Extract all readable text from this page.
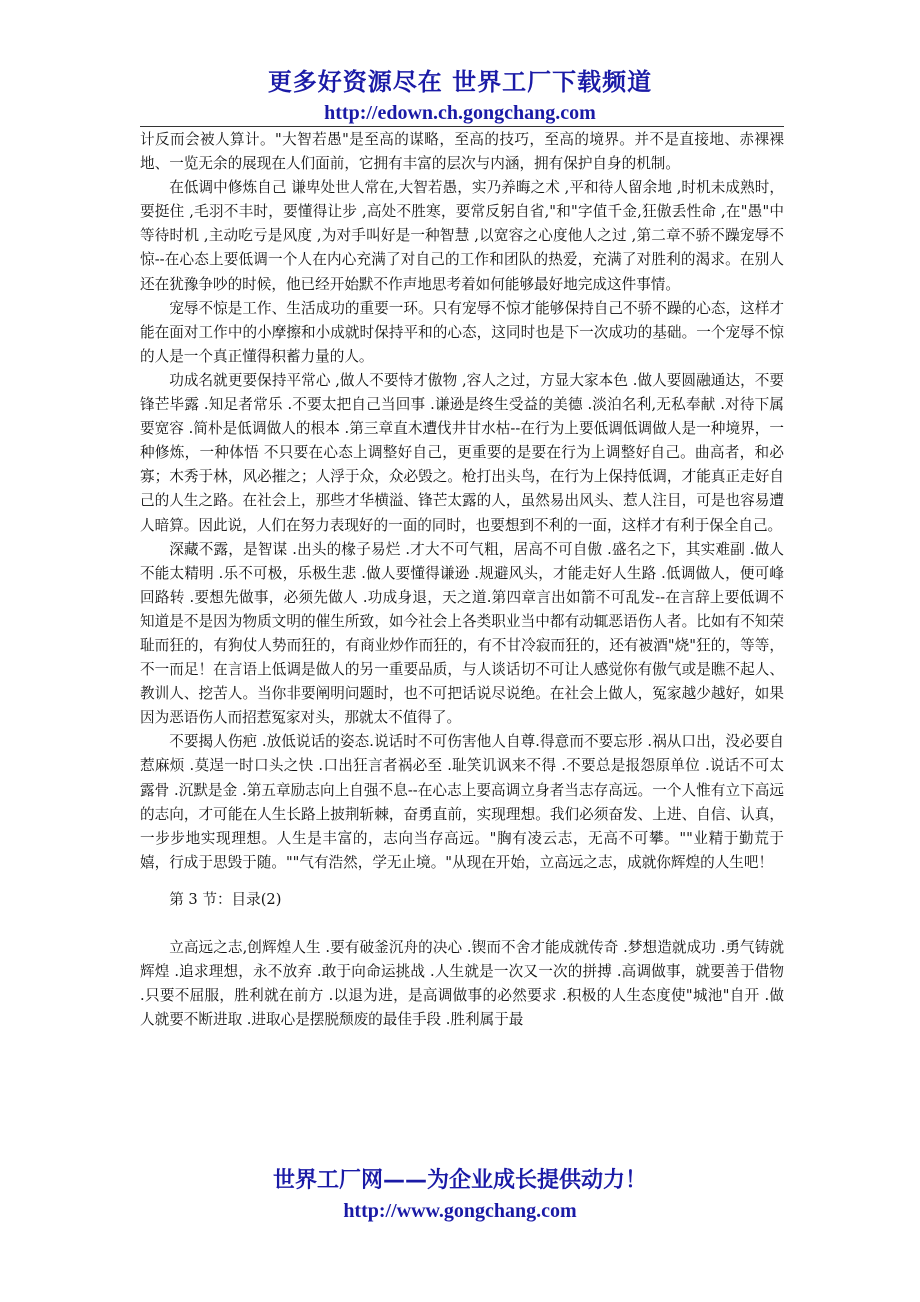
更多好资源尽在 世界工厂下载频道
http://edown.ch.gongchang.com

计反而会被人算计。"大智若愚"是至高的谋略，至高的技巧，至高的境界。并不是直接地、赤裸裸地、一览无余的展现在人们面前，它拥有丰富的层次与内涵，拥有保护自身的机制。

在低调中修炼自己 谦卑处世人常在,大智若愚，实乃养晦之术 ,平和待人留余地 ,时机未成熟时，要挺住 ,毛羽不丰时，要懂得让步 ,高处不胜寒，要常反躬自省,"和"字值千金,狂傲丢性命 ,在"愚"中等待时机 ,主动吃亏是风度 ,为对手叫好是一种智慧 ,以宽容之心度他人之过 ,第二章不骄不躁宠辱不惊--在心态上要低调一个人在内心充满了对自己的工作和团队的热爱，充满了对胜利的渴求。在别人还在犹豫争吵的时候，他已经开始默不作声地思考着如何能够最好地完成这件事情。

宠辱不惊是工作、生活成功的重要一环。只有宠辱不惊才能够保持自己不骄不躁的心态，这样才能在面对工作中的小摩擦和小成就时保持平和的心态，这同时也是下一次成功的基础。一个宠辱不惊的人是一个真正懂得积蓄力量的人。

功成名就更要保持平常心 ,做人不要恃才傲物 ,容人之过，方显大家本色 .做人要圆融通达，不要锋芒毕露 .知足者常乐 .不要太把自己当回事 .谦逊是终生受益的美德 .淡泊名利,无私奉献 .对待下属要宽容 .简朴是低调做人的根本 .第三章直木遭伐井甘水枯--在行为上要低调低调做人是一种境界，一种修炼，一种体悟 不只要在心态上调整好自己，更重要的是要在行为上调整好自己。曲高者，和必寡；木秀于林，风必摧之；人浮于众，众必毁之。枪打出头鸟，在行为上保持低调，才能真正走好自己的人生之路。在社会上，那些才华横溢、锋芒太露的人，虽然易出风头、惹人注目，可是也容易遭人暗算。因此说，人们在努力表现好的一面的同时，也要想到不利的一面，这样才有利于保全自己。

深藏不露，是智谋 .出头的椽子易烂 .才大不可气粗，居高不可自傲 .盛名之下，其实难副 .做人不能太精明 .乐不可极，乐极生悲 .做人要懂得谦逊 .规避风头，才能走好人生路 .低调做人，便可峰回路转 .要想先做事，必须先做人 .功成身退，天之道.第四章言出如箭不可乱发--在言辞上要低调不知道是不是因为物质文明的催生所致，如今社会上各类职业当中都有动辄恶语伤人者。比如有不知荣耻而狂的，有狗仗人势而狂的，有商业炒作而狂的，有不甘冷寂而狂的，还有被酒"烧"狂的，等等，不一而足！在言语上低调是做人的另一重要品质，与人谈话切不可让人感觉你有傲气或是瞧不起人、教训人、挖苦人。当你非要阐明问题时，也不可把话说尽说绝。在社会上做人，冤家越少越好，如果因为恶语伤人而招惹冤家对头，那就太不值得了。

不要揭人伤疤 .放低说话的姿态.说话时不可伤害他人自尊.得意而不要忘形 .祸从口出，没必要自惹麻烦 .莫逞一时口头之快 .口出狂言者祸必至 .耻笑讥讽来不得 .不要总是报怨原单位 .说话不可太露骨 .沉默是金 .第五章励志向上自强不息--在心志上要高调立身者当志存高远。一个人惟有立下高远的志向，才可能在人生长路上披荆斩棘，奋勇直前，实现理想。我们必须奋发、上进、自信、认真，一步步地实现理想。人生是丰富的，志向当存高远。"胸有凌云志，无高不可攀。""业精于勤荒于嬉，行成于思毁于随。""气有浩然，学无止境。"从现在开始，立高远之志，成就你辉煌的人生吧！

第 3 节：目录(2)

立高远之志,创辉煌人生 .要有破釜沉舟的决心 .锲而不舍才能成就传奇 .梦想造就成功 .勇气铸就辉煌 .追求理想，永不放弃 .敢于向命运挑战 .人生就是一次又一次的拼搏 .高调做事，就要善于借物 .只要不屈服，胜利就在前方 .以退为进，是高调做事的必然要求 .积极的人生态度使"城池"自开 .做人就要不断进取 .进取心是摆脱颓废的最佳手段 .胜利属于最

世界工厂网——为企业成长提供动力！
http://www.gongchang.com
